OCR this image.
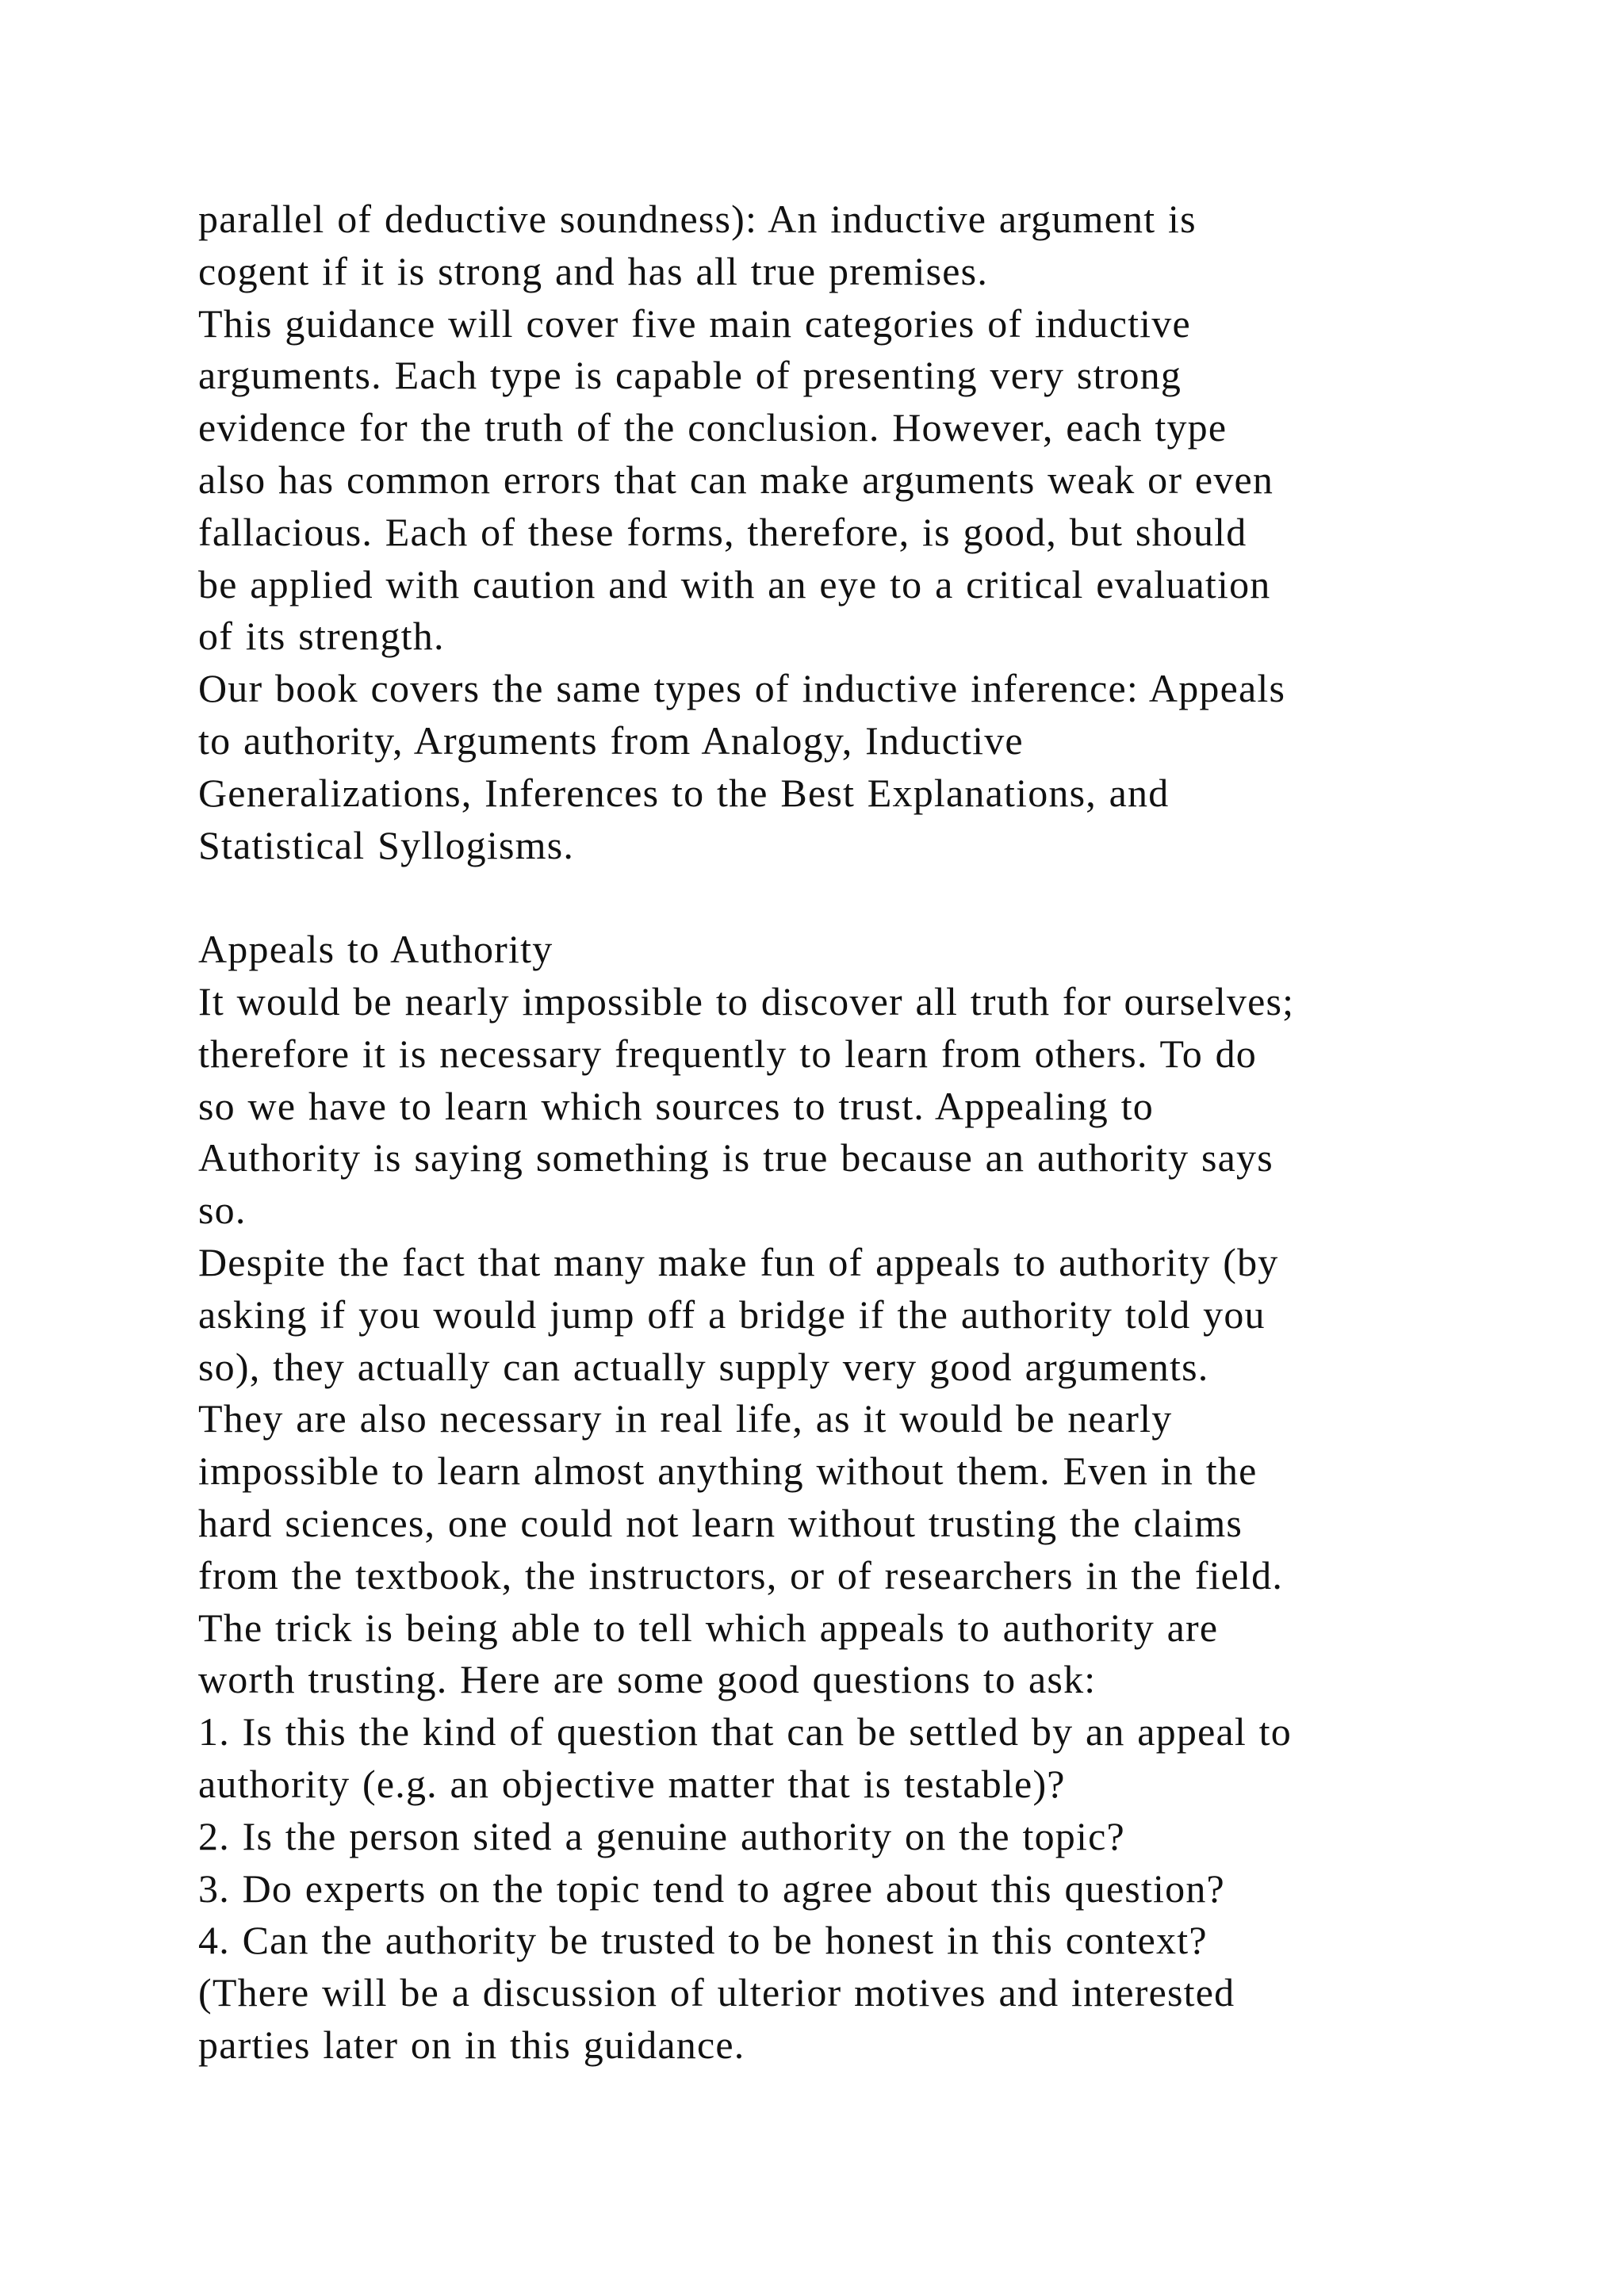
parallel of deductive soundness): An inductive argument is
cogent if it is strong and has all true premises.
This guidance will cover five main categories of inductive
arguments. Each type is capable of presenting very strong
evidence for the truth of the conclusion. However, each type
also has common errors that can make arguments weak or even
fallacious. Each of these forms, therefore, is good, but should
be applied with caution and with an eye to a critical evaluation
of its strength.
Our book covers the same types of inductive inference: Appeals
to authority, Arguments from Analogy, Inductive
Generalizations, Inferences to the Best Explanations, and
Statistical Syllogisms.
Appeals to Authority
It would be nearly impossible to discover all truth for ourselves;
therefore it is necessary frequently to learn from others. To do
so we have to learn which sources to trust. Appealing to
Authority is saying something is true because an authority says
so.
Despite the fact that many make fun of appeals to authority (by
asking if you would jump off a bridge if the authority told you
so), they actually can actually supply very good arguments.
They are also necessary in real life, as it would be nearly
impossible to learn almost anything without them. Even in the
hard sciences, one could not learn without trusting the claims
from the textbook, the instructors, or of researchers in the field.
The trick is being able to tell which appeals to authority are
worth trusting. Here are some good questions to ask:
1. Is this the kind of question that can be settled by an appeal to
authority (e.g. an objective matter that is testable)?
2. Is the person sited a genuine authority on the topic?
3. Do experts on the topic tend to agree about this question?
4. Can the authority be trusted to be honest in this context?
(There will be a discussion of ulterior motives and interested
parties later on in this guidance.
